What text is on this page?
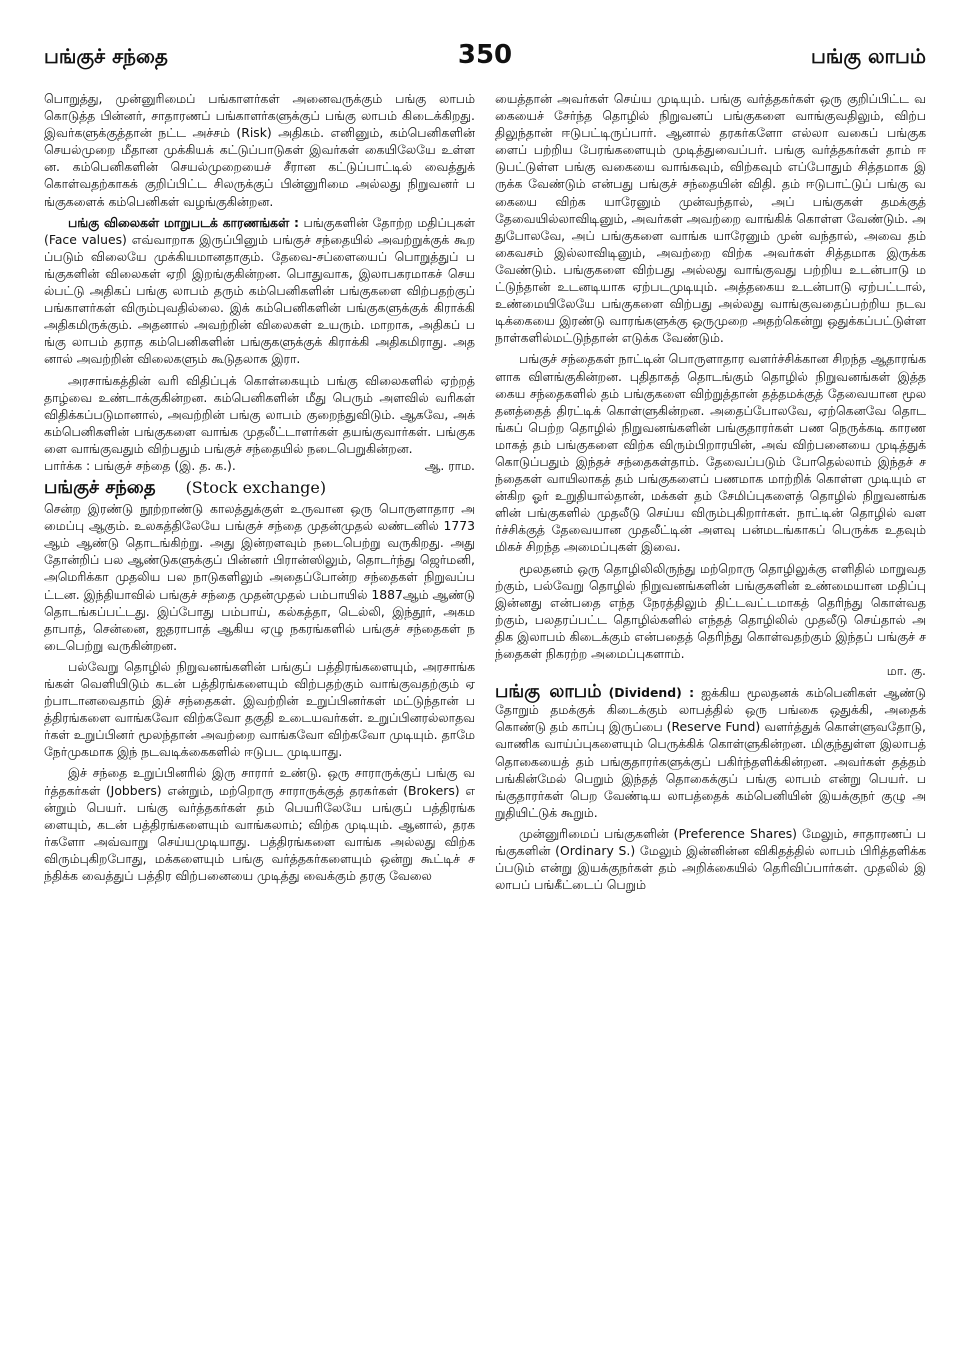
பங்குச் சந்தை	350	பங்கு லாபம்

பொறுத்து, முன்னுரிமைப் பங்காளர்கள் அனைவருக்கும் பங்கு லாபம் கொடுத்த பின்னர், சாதாரணப் பங்காளர்களுக்குப் பங்கு லாபம் கிடைக்கிறது. இவர்களுக்குத்தான் நட்ட அச்சம் (Risk) அதிகம். எனினும், கம்பெனிகளின் செயல்முறை மீதான முக்கியக் கட்டுப்பாடுகள் இவர்கள் கையிலேயே உள்ளன. கம்பெனிகளின் செயல்முறையைச் சீரான கட்டுப்பாட்டில் வைத்துக் கொள்வதற்காகக் குறிப்பிட்ட சிலருக்குப் பின்னுரிமை அல்லது நிறுவனர் பங்குகளைக் கம்பெனிகள் வழங்குகின்றன.

பங்கு விலைகள் மாறுபடக் காரணங்கள் : பங்குகளின் தோற்ற மதிப்புகள் (Face values) எவ்வாறாக இருப்பினும் பங்குச் சந்தையில் அவற்றுக்குக் கூறப்படும் விலையே முக்கியமானதாகும். தேவை-சப்ளையைப் பொறுத்துப் பங்குகளின் விலைகள் ஏறி இறங்குகின்றன. பொதுவாக, இலாபகரமாகச் செயல்பட்டு அதிகப் பங்கு லாபம் தரும் கம்பெனிகளின் பங்குகளை விற்பதற்குப் பங்காளர்கள் விரும்புவதில்லை. இக் கம்பெனிகளின் பங்குகளுக்குக் கிராக்கி அதிகமிருக்கும். அதனால் அவற்றின் விலைகள் உயரும். மாறாக, அதிகப் பங்கு லாபம் தராத கம்பெனிகளின் பங்குகளுக்குக் கிராக்கி அதிகமிராது. அதனால் அவற்றின் விலைகளும் கூடுதலாக இரா.

அரசாங்கத்தின் வரி விதிப்புக் கொள்கையும் பங்கு விலைகளில் ஏற்றத் தாழ்வை உண்டாக்குகின்றன. கம்பெனிகளின் மீது பெரும் அளவில் வரிகள் விதிக்கப்படுமானால், அவற்றின் பங்கு லாபம் குறைந்துவிடும். ஆகவே, அக் கம்பெனிகளின் பங்குகளை வாங்க முதலீட்டாளர்கள் தயங்குவார்கள். பங்குகளை வாங்குவதும் விற்பதும் பங்குச் சந்தையில் நடைபெறுகின்றன.

பார்க்க : பங்குச் சந்தை (இ. த. க.).	ஆ. ராம.

பங்குச் சந்தை (Stock exchange)

சென்ற இரண்டு நூற்றாண்டு காலத்துக்குள் உருவான ஒரு பொருளாதார அமைப்பு ஆகும். உலகத்திலேயே பங்குச் சந்தை முதன்முதல் லண்டனில் 1773ஆம் ஆண்டு தொடங்கிற்று. அது இன்றளவும் நடைபெற்று வருகிறது. அது தோன்றிப் பல ஆண்டுகளுக்குப் பின்னர் பிரான்ஸிலும், தொடர்ந்து ஜெர்மனி, அமெரிக்கா முதலிய பல நாடுகளிலும் அதைப்போன்ற சந்தைகள் நிறுவப்பட்டன. இந்தியாவில் பங்குச் சந்தை முதன்முதல் பம்பாயில் 1887ஆம் ஆண்டு தொடங்கப்பட்டது. இப்போது பம்பாய், கல்கத்தா, டெல்லி, இந்தூர், அகமதாபாத், சென்னை, ஐதராபாத் ஆகிய ஏழு நகரங்களில் பங்குச் சந்தைகள் நடைபெற்று வருகின்றன.

பல்வேறு தொழில் நிறுவனங்களின் பங்குப் பத்திரங்களையும், அரசாங்கங்கள் வெளியிடும் கடன் பத்திரங்களையும் விற்பதற்கும் வாங்குவதற்கும் ஏற்பாடானவைதாம் இச் சந்தைகள். இவற்றின் உறுப்பினர்கள் மட்டுந்தான் பத்திரங்களை வாங்கவோ விற்கவோ தகுதி உடையவர்கள். உறுப்பினரல்லாதவர்கள் உறுப்பினர் மூலந்தான் அவற்றை வாங்கவோ விற்கவோ முடியும். தாமே நேர்முகமாக இந் நடவடிக்கைகளில் ஈடுபட முடியாது.

இச் சந்தை உறுப்பினரில் இரு சாரார் உண்டு. ஒரு சாராருக்குப் பங்கு வர்த்தகர்கள் (Jobbers) என்றும், மற்றொரு சாராருக்குத் தரகர்கள் (Brokers) என்றும் பெயர். பங்கு வர்த்தகர்கள் தம் பெயரிலேயே பங்குப் பத்திரங்களையும், கடன் பத்திரங்களையும் வாங்கலாம்; விற்க முடியும். ஆனால், தரகர்களோ அவ்வாறு செய்யமுடியாது. பத்திரங்களை வாங்க அல்லது விற்க விரும்புகிறபோது, மக்களையும் பங்கு வர்த்தகர்களையும் ஒன்று கூட்டிச் சந்திக்க வைத்துப் பத்திர விற்பனையை முடித்து வைக்கும் தரகு வேலை

யைத்தான் அவர்கள் செய்ய முடியும். பங்கு வர்த்தகர்கள் ஒரு குறிப்பிட்ட வகையைச் சேர்ந்த தொழில் நிறுவனப் பங்குகளை வாங்குவதிலும், விற்பதிலுந்தான் ஈடுபட்டிருப்பார். ஆனால் தரகர்களோ எல்லா வகைப் பங்குகளைப் பற்றிய பேரங்களையும் முடித்துவைப்பர். பங்கு வர்த்தகர்கள் தாம் ஈடுபட்டுள்ள பங்கு வகையை வாங்கவும், விற்கவும் எப்போதும் சித்தமாக இருக்க வேண்டும் என்பது பங்குச் சந்தையின் விதி. தம் ஈடுபாட்டுப் பங்கு வகையை விற்க யாரேனும் முன்வந்தால், அப் பங்குகள் தமக்குத் தேவையில்லாவிடினும், அவர்கள் அவற்றை வாங்கிக் கொள்ள வேண்டும். அதுபோலவே, அப் பங்குகளை வாங்க யாரேனும் முன் வந்தால், அவை தம் கைவசம் இல்லாவிடினும், அவற்றை விற்க அவர்கள் சித்தமாக இருக்கவேண்டும். பங்குகளை விற்பது அல்லது வாங்குவது பற்றிய உடன்பாடு மட்டுந்தான் உடனடியாக ஏற்படமுடியும். அத்தகைய உடன்பாடு ஏற்பட்டால், உண்மையிலேயே பங்குகளை விற்பது அல்லது வாங்குவதைப்பற்றிய நடவடிக்கையை இரண்டு வாரங்களுக்கு ஒருமுறை அதற்கென்று ஒதுக்கப்பட்டுள்ள நாள்களில்மட்டுந்தான் எடுக்க வேண்டும்.

பங்குச் சந்தைகள் நாட்டின் பொருளாதார வளர்ச்சிக்கான சிறந்த ஆதாரங்களாக விளங்குகின்றன. புதிதாகத் தொடங்கும் தொழில் நிறுவனங்கள் இத்தகைய சந்தைகளில் தம் பங்குகளை விற்றுத்தான் தத்தமக்குத் தேவையான மூலதனத்தைத் திரட்டிக் கொள்ளுகின்றன. அதைப்போலவே, ஏற்கெனவே தொடங்கப் பெற்ற தொழில் நிறுவனங்களின் பங்குதாரர்கள் பண நெருக்கடி காரணமாகத் தம் பங்குகளை விற்க விரும்பிறாரயின், அவ் விற்பனையை முடித்துக் கொடுப்பதும் இந்தச் சந்தைகள்தாம். தேவைப்படும் போதெல்லாம் இந்தச் சந்தைகள் வாயிலாகத் தம் பங்குகளைப் பணமாக மாற்றிக் கொள்ள முடியும் என்கிற ஓர் உறுதியால்தான், மக்கள் தம் சேமிப்புகளைத் தொழில் நிறுவனங்களின் பங்குகளில் முதலீடு செய்ய விரும்புகிறார்கள். நாட்டின் தொழில் வளர்ச்சிக்குத் தேவையான முதலீட்டின் அளவு பன்மடங்காகப் பெருக்க உதவும் மிகச் சிறந்த அமைப்புகள் இவை.

மூலதனம் ஒரு தொழிலிலிருந்து மற்றொரு தொழிலுக்கு எளிதில் மாறுவதற்கும், பல்வேறு தொழில் நிறுவனங்களின் பங்குகளின் உண்மையான மதிப்பு இன்னது என்பதை எந்த நேரத்திலும் திட்டவட்டமாகத் தெரிந்து கொள்வதற்கும், பலதரப்பட்ட தொழில்களில் எந்தத் தொழிலில் முதலீடு செய்தால் அதிக இலாபம் கிடைக்கும் என்பதைத் தெரிந்து கொள்வதற்கும் இந்தப் பங்குச் சந்தைகள் நிகரற்ற அமைப்புகளாம்.

மா. கு.

பங்கு லாபம் (Dividend) : ஐக்கிய மூலதனக் கம்பெனிகள் ஆண்டு தோறும் தமக்குக் கிடைக்கும் லாபத்தில் ஒரு பங்கை ஒதுக்கி, அதைக் கொண்டு தம் காப்பு இருப்பை (Reserve Fund) வளர்த்துக் கொள்ளுவதோடு, வாணிக வாய்ப்புகளையும் பெருக்கிக் கொள்ளுகின்றன. மிகுந்துள்ள இலாபத் தொகையைத் தம் பங்குதாரர்களுக்குப் பகிர்ந்தளிக்கின்றன. அவர்கள் தத்தம் பங்கின்மேல் பெறும் இந்தத் தொகைக்குப் பங்கு லாபம் என்று பெயர். பங்குதாரர்கள் பெற வேண்டிய லாபத்தைக் கம்பெனியின் இயக்குநர் குழு அறுதியிட்டுக் கூறும்.

முன்னுரிமைப் பங்குகளின் (Preference Shares) மேலும், சாதாரணப் பங்குகளின் (Ordinary S.) மேலும் இன்னின்ன விகிதத்தில் லாபம் பிரித்தளிக்கப்படும் என்று இயக்குநர்கள் தம் அறிக்கையில் தெரிவிப்பார்கள். முதலில் இலாபப் பங்கீட்டைப் பெறும்
